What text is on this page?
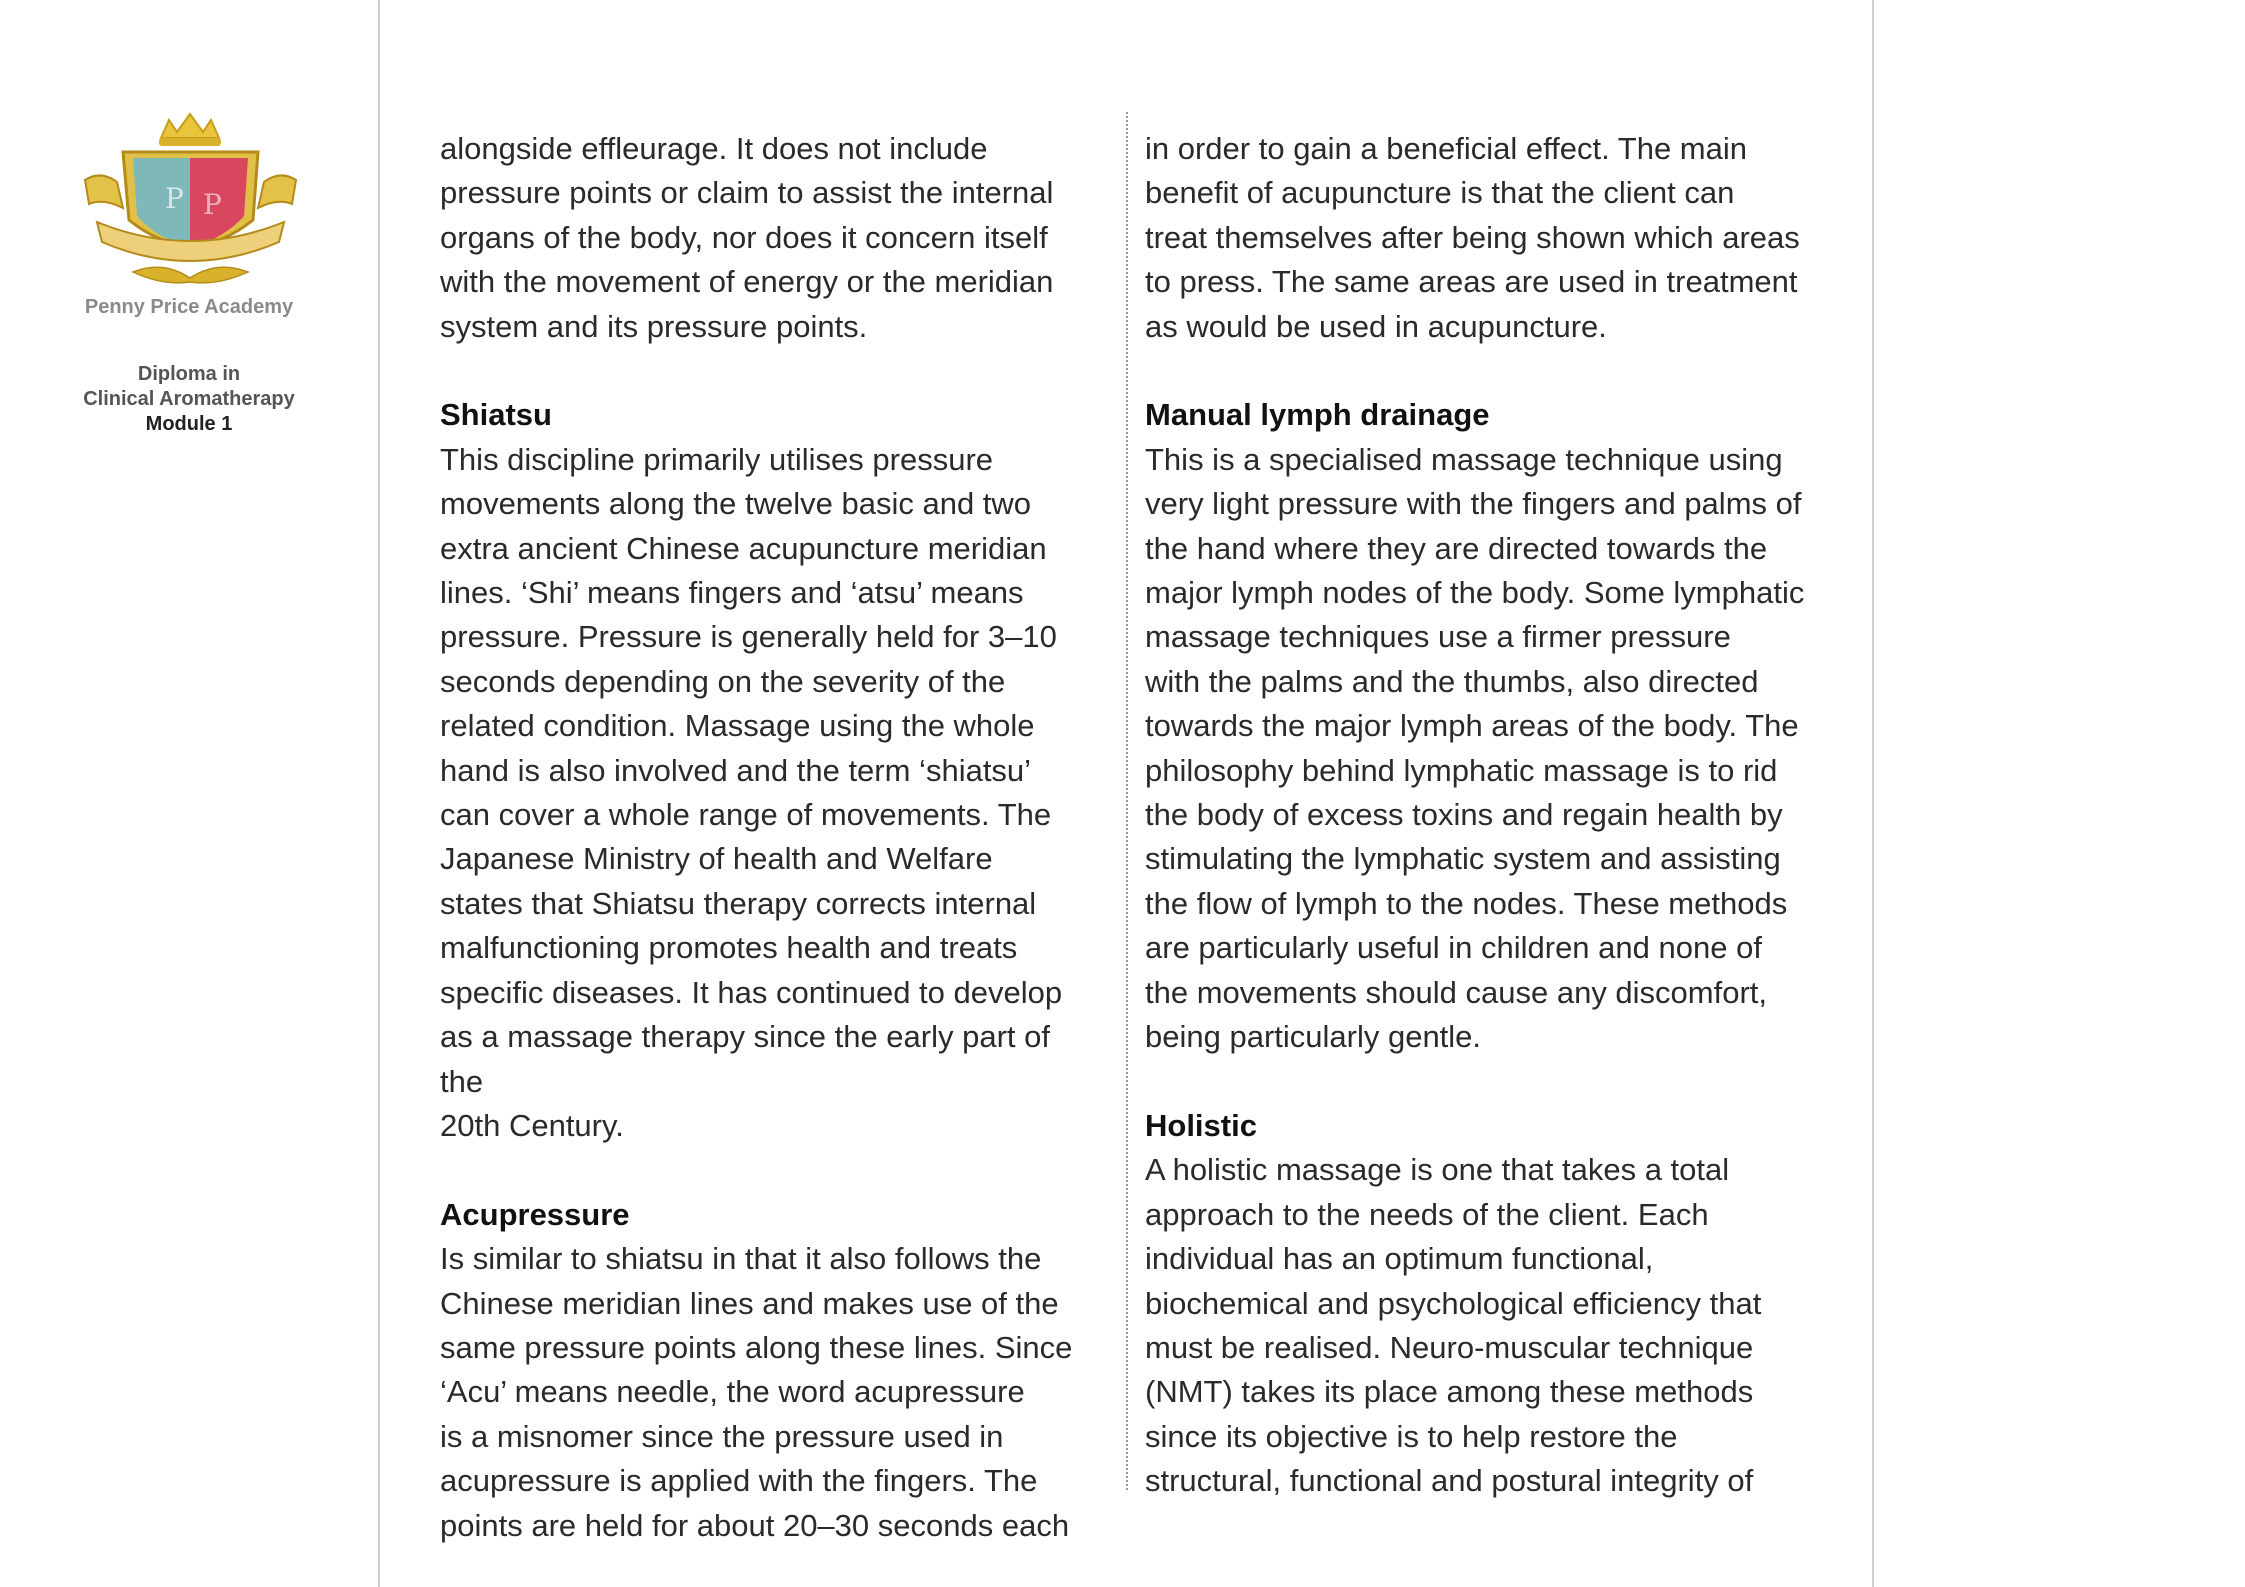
P P
Penny Price Academy
Diploma in
Clinical Aromatherapy
Module 1

alongside effleurage. It does not include
pressure points or claim to assist the internal
organs of the body, nor does it concern itself
with the movement of energy or the meridian
system and its pressure points.

Shiatsu

This discipline primarily utilises pressure
movements along the twelve basic and two
extra ancient Chinese acupuncture meridian
lines. ‘Shi’ means fingers and ‘atsu’ means
pressure. Pressure is generally held for 3–10
seconds depending on the severity of the
related condition. Massage using the whole
hand is also involved and the term ‘shiatsu’
can cover a whole range of movements. The
Japanese Ministry of health and Welfare
states that Shiatsu therapy corrects internal
malfunctioning promotes health and treats
specific diseases. It has continued to develop
as a massage therapy since the early part of the
20th Century.

Acupressure

Is similar to shiatsu in that it also follows the
Chinese meridian lines and makes use of the
same pressure points along these lines. Since
‘Acu’ means needle, the word acupressure
is a misnomer since the pressure used in
acupressure is applied with the fingers. The
points are held for about 20–30 seconds each

in order to gain a beneficial effect. The main
benefit of acupuncture is that the client can
treat themselves after being shown which areas
to press. The same areas are used in treatment
as would be used in acupuncture.

Manual lymph drainage

This is a specialised massage technique using
very light pressure with the fingers and palms of
the hand where they are directed towards the
major lymph nodes of the body. Some lymphatic
massage techniques use a firmer pressure
with the palms and the thumbs, also directed
towards the major lymph areas of the body. The
philosophy behind lymphatic massage is to rid
the body of excess toxins and regain health by
stimulating the lymphatic system and assisting
the flow of lymph to the nodes. These methods
are particularly useful in children and none of
the movements should cause any discomfort,
being particularly gentle.

Holistic

A holistic massage is one that takes a total
approach to the needs of the client. Each
individual has an optimum functional,
biochemical and psychological efficiency that
must be realised. Neuro-muscular technique
(NMT) takes its place among these methods
since its objective is to help restore the
structural, functional and postural integrity of
